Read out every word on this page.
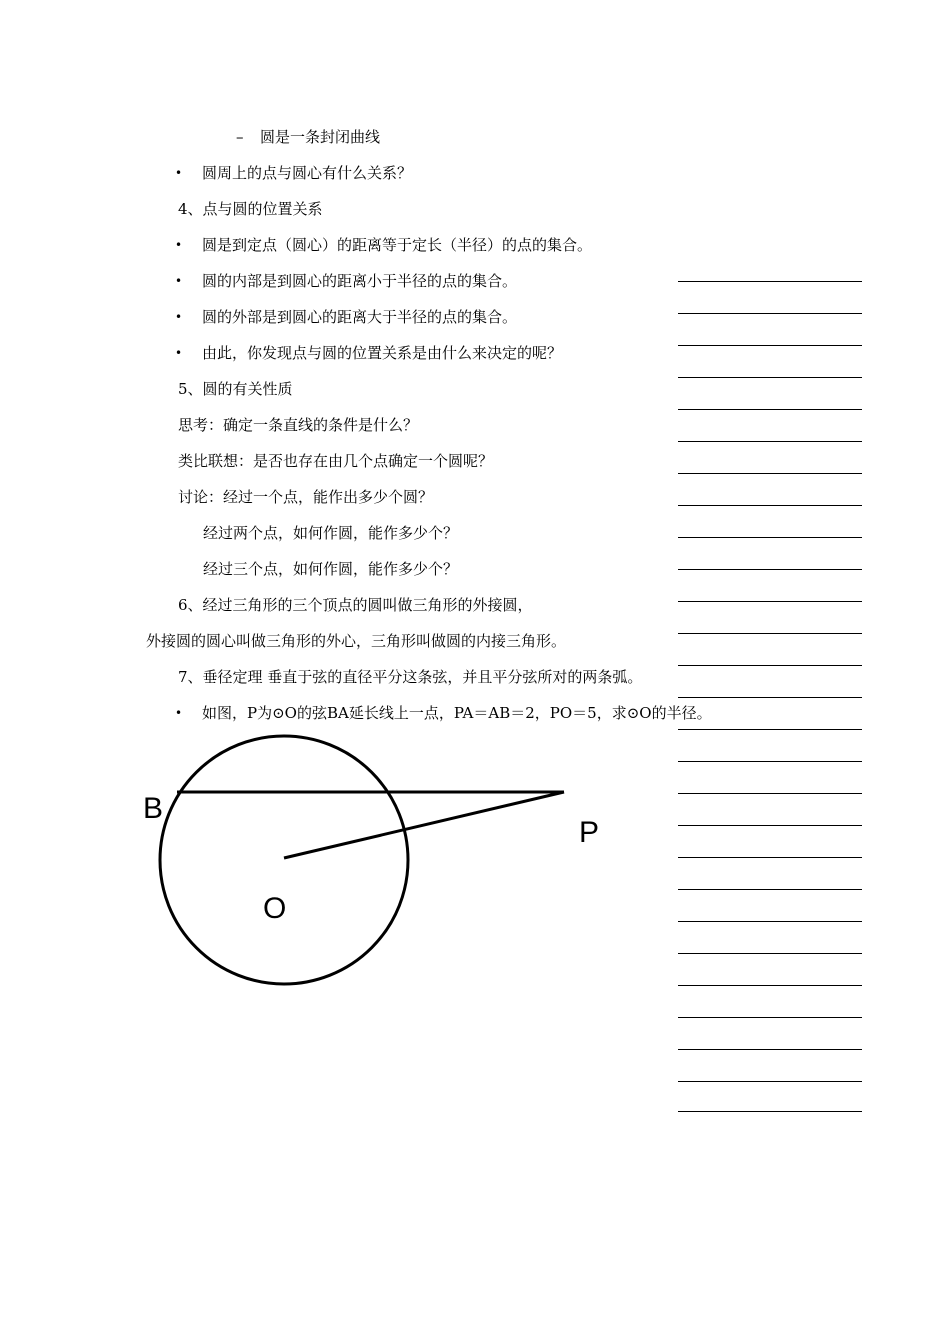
– 圆是一条封闭曲线
• 圆周上的点与圆心有什么关系？
4、点与圆的位置关系
• 圆是到定点（圆心）的距离等于定长（半径）的点的集合。
• 圆的内部是到圆心的距离小于半径的点的集合。
• 圆的外部是到圆心的距离大于半径的点的集合。
• 由此，你发现点与圆的位置关系是由什么来决定的呢？
5、圆的有关性质
思考：确定一条直线的条件是什么？
类比联想：是否也存在由几个点确定一个圆呢？
讨论：经过一个点，能作出多少个圆？
经过两个点，如何作圆，能作多少个？
经过三个点，如何作圆，能作多少个？
6、经过三角形的三个顶点的圆叫做三角形的外接圆，
外接圆的圆心叫做三角形的外心，三角形叫做圆的内接三角形。
7、垂径定理 垂直于弦的直径平分这条弦，并且平分弦所对的两条弧。
• 如图，P为⊙O的弦BA延长线上一点，PA＝AB＝2，PO＝5，求⊙O的半径。
B
P
O
